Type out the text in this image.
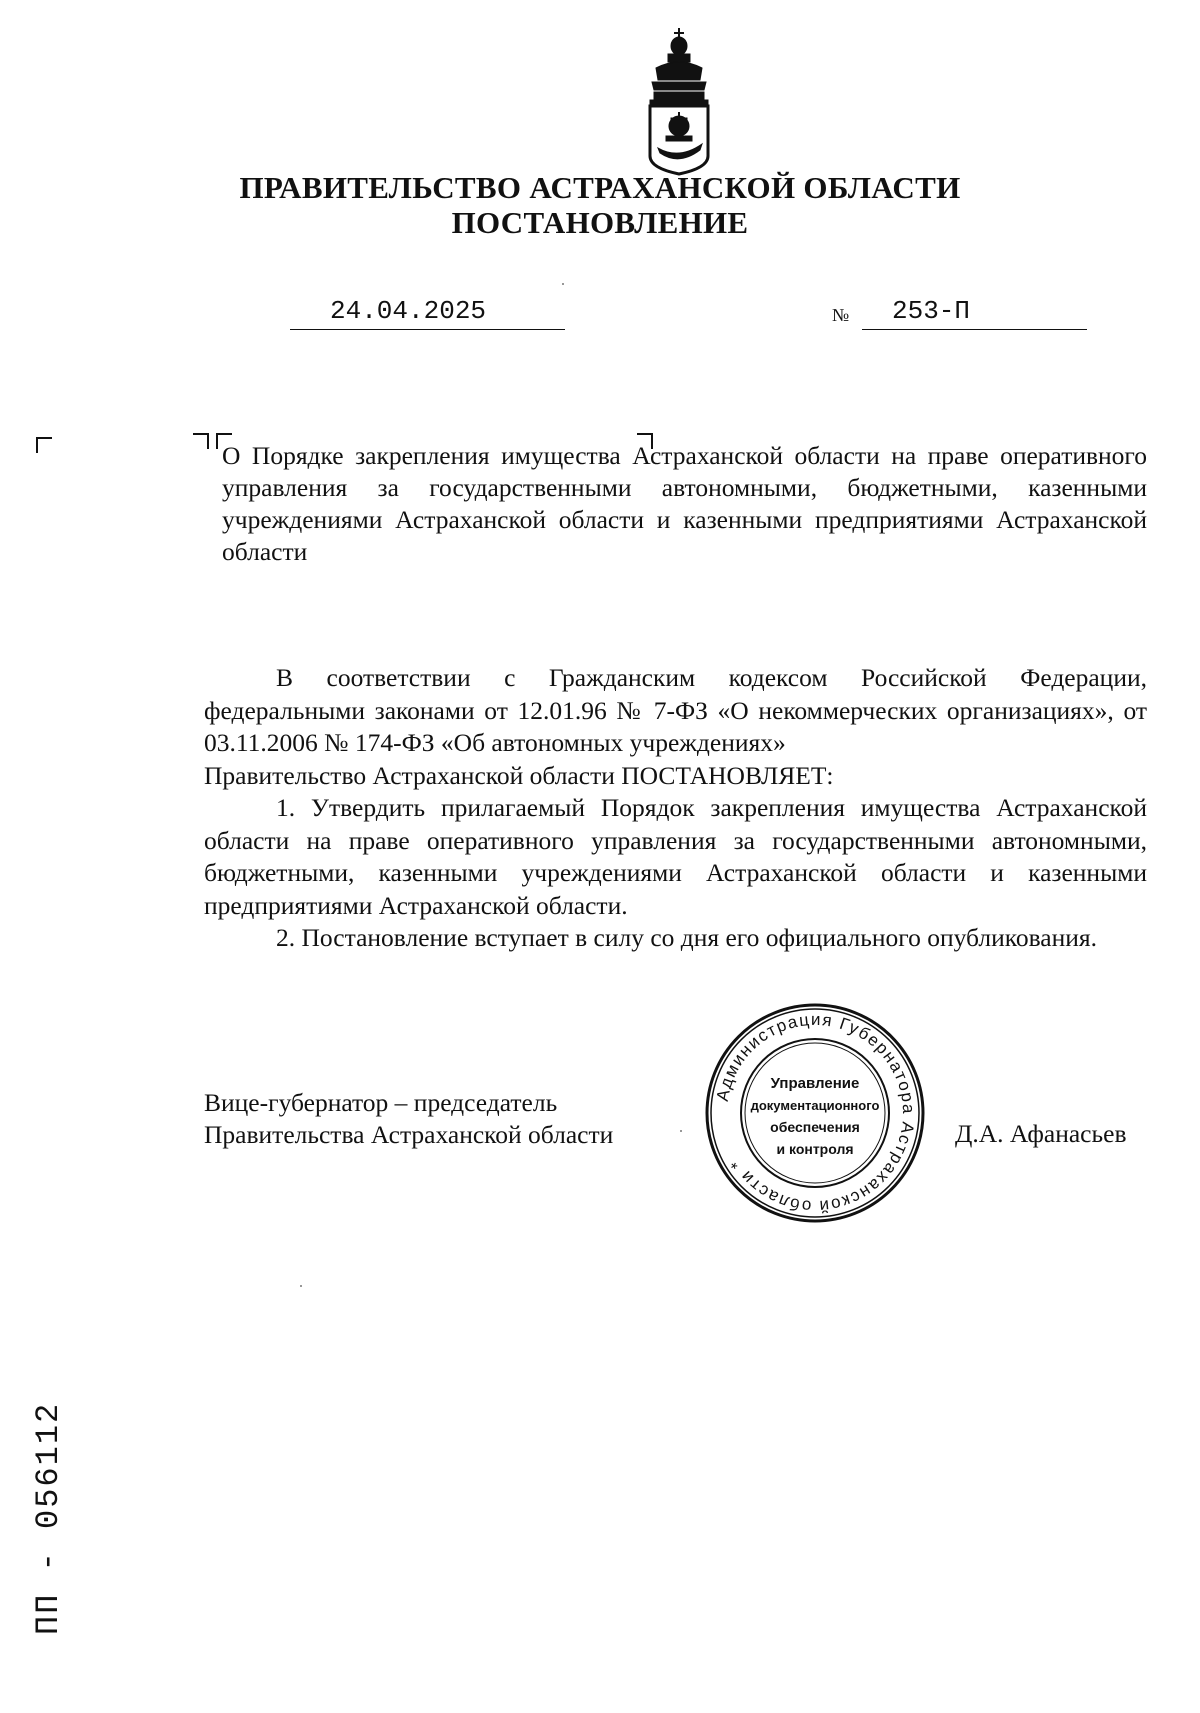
ПРАВИТЕЛЬСТВО АСТРАХАНСКОЙ ОБЛАСТИ
ПОСТАНОВЛЕНИЕ
24.04.2025	№	253-П
О Порядке закрепления имущества Астраханской области на праве оперативного управления за государственными автономными, бюджетными, казенными учреждениями Астраханской области и казенными предприятиями Астраханской области

В соответствии с Гражданским кодексом Российской Федерации, федеральными законами от 12.01.96 № 7-ФЗ «О некоммерческих организациях», от 03.11.2006 № 174-ФЗ «Об автономных учреждениях»

Правительство Астраханской области ПОСТАНОВЛЯЕТ:

1. Утвердить прилагаемый Порядок закрепления имущества Астраханской области на праве оперативного управления за государственными автономными, бюджетными, казенными учреждениями Астраханской области и казенными предприятиями Астраханской области.

2. Постановление вступает в силу со дня его официального опубликования.

Вице-губернатор – председатель
Правительства Астраханской области
Администрация Губернатора Астраханской области *
Управление
документационного
обеспечения
и контроля
Д.А. Афанасьев
ПП - 056112
